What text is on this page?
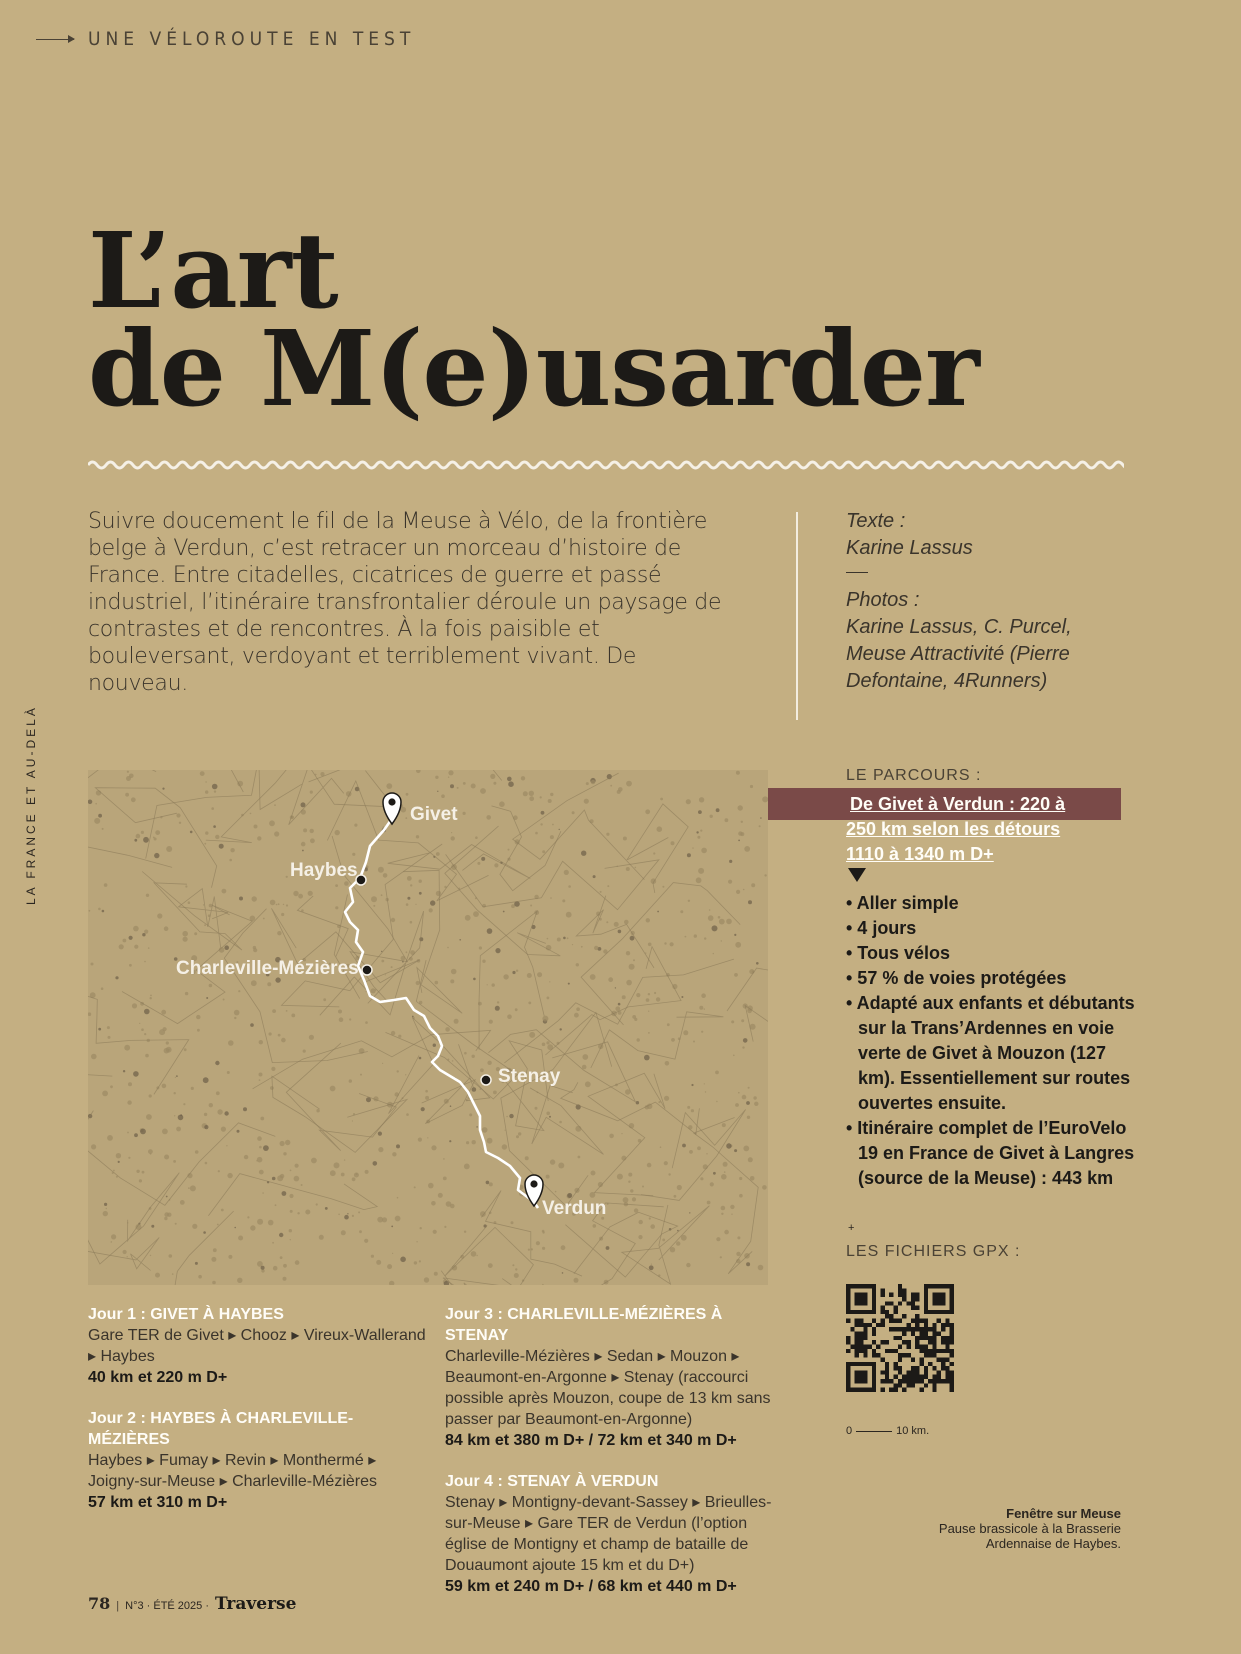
UNE VÉLOROUTE EN TEST
LA FRANCE ET AU-DELÀ
L’art
de M(e)usarder
Suivre doucement le fil de la Meuse à Vélo, de la frontière belge à Verdun, c’est retracer un morceau d’histoire de France. Entre citadelles, cicatrices de guerre et passé industriel, l’itinéraire transfrontalier déroule un paysage de contrastes et de rencontres. À la fois paisible et bouleversant, verdoyant et terriblement vivant. De nouveau.
Texte :
Karine Lassus
Photos :
Karine Lassus, C. Purcel, Meuse Attractivité (Pierre Defontaine, 4Runners)
Givet
Haybes
Charleville-Mézières
Stenay
Verdun
LE PARCOURS :
De Givet à Verdun : 220 à
250 km selon les détours
1110 à 1340 m D+
• Aller simple
• 4 jours
• Tous vélos
• 57 % de voies protégées
• Adapté aux enfants et débutants sur la Trans’Ardennes en voie verte de Givet à Mouzon (127 km). Essentiellement sur routes ouvertes ensuite.
• Itinéraire complet de l’EuroVelo 19 en France de Givet à Langres (source de la Meuse) : 443 km
+
LES FICHIERS GPX :
0	10 km.
Jour 1 : GIVET À HAYBES
Gare TER de Givet ▸ Chooz ▸ Vireux-Wallerand ▸ Haybes
40 km et 220 m D+
Jour 2 : HAYBES À CHARLEVILLE-MÉZIÈRES
Haybes ▸ Fumay ▸ Revin ▸ Monthermé ▸ Joigny-sur-Meuse ▸ Charleville-Mézières
57 km et 310 m D+
Jour 3 : CHARLEVILLE-MÉZIÈRES À STENAY
Charleville-Mézières ▸ Sedan ▸ Mouzon ▸ Beaumont-en-Argonne ▸ Stenay (raccourci possible après Mouzon, coupe de 13 km sans passer par Beaumont-en-Argonne)
84 km et 380 m D+ / 72 km et 340 m D+
Jour 4 : STENAY À VERDUN
Stenay ▸ Montigny-devant-Sassey ▸ Brieulles-sur-Meuse ▸ Gare TER de Verdun (l’option église de Montigny et champ de bataille de Douaumont ajoute 15 km et du D+)
59 km et 240 m D+ / 68 km et 440 m D+
Fenêtre sur Meuse
Pause brassicole à la Brasserie Ardennaise de Haybes.
78 | N°3 · ÉTÉ 2025 · Traverse
